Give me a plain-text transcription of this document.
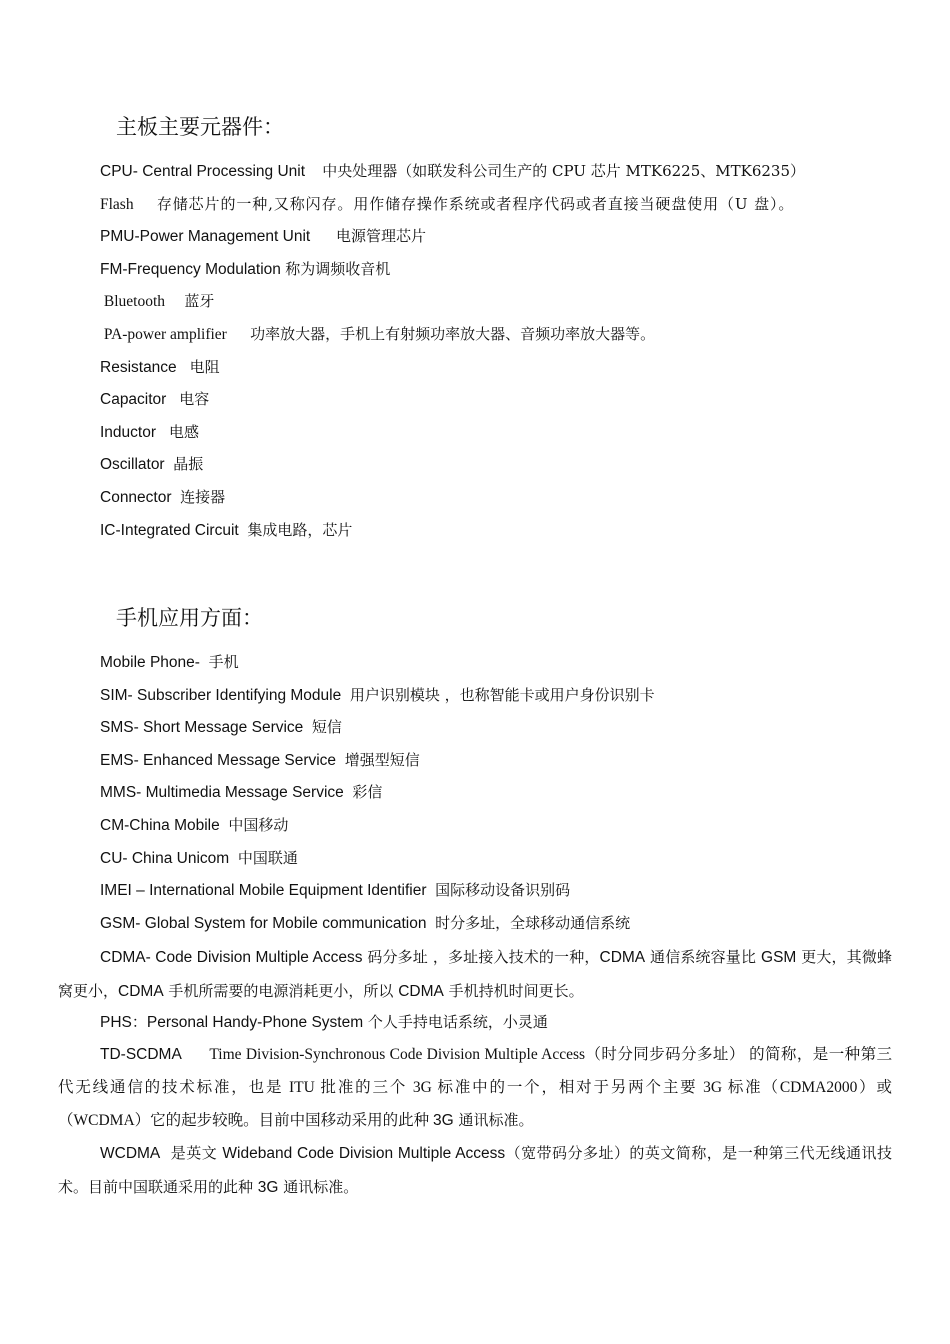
主板主要元器件：
CPU- Central Processing Unit 中央处理器（如联发科公司生产的 CPU 芯片 MTK6225、MTK6235）
Flash 存储芯片的一种,又称闪存。用作储存操作系统或者程序代码或者直接当硬盘使用（U 盘）。
PMU-Power Management Unit 电源管理芯片
FM-Frequency Modulation 称为调频收音机
Bluetooth 蓝牙
PA-power amplifier 功率放大器，手机上有射频功率放大器、音频功率放大器等。
Resistance 电阻
Capacitor 电容
Inductor 电感
Oscillator 晶振
Connector 连接器
IC-Integrated Circuit 集成电路，芯片
手机应用方面：
Mobile Phone- 手机
SIM- Subscriber Identifying Module 用户识别模块 ，也称智能卡或用户身份识别卡
SMS- Short Message Service 短信
EMS- Enhanced Message Service 增强型短信
MMS- Multimedia Message Service 彩信
CM-China Mobile 中国移动
CU- China Unicom 中国联通
IMEI – International Mobile Equipment Identifier 国际移动设备识别码
GSM- Global System for Mobile communication 时分多址，全球移动通信系统

CDMA- Code Division Multiple Access 码分多址 ，多址接入技术的一种，CDMA 通信系统容量比 GSM 更大，其微蜂窝更小，CDMA 手机所需要的电源消耗更小，所以 CDMA 手机持机时间更长。

PHS：Personal Handy-Phone System 个人手持电话系统，小灵通

TD-SCDMA Time Division-Synchronous Code Division Multiple Access（时分同步码分多址） 的简称，是一种第三代无线通信的技术标准，也是 ITU 批准的三个 3G 标准中的一个，相对于另两个主要 3G 标准（CDMA2000）或（WCDMA）它的起步较晚。目前中国移动采用的此种 3G 通讯标准。

WCDMA  是英文 Wideband Code Division Multiple Access（宽带码分多址）的英文简称，是一种第三代无线通讯技术。目前中国联通采用的此种 3G 通讯标准。
